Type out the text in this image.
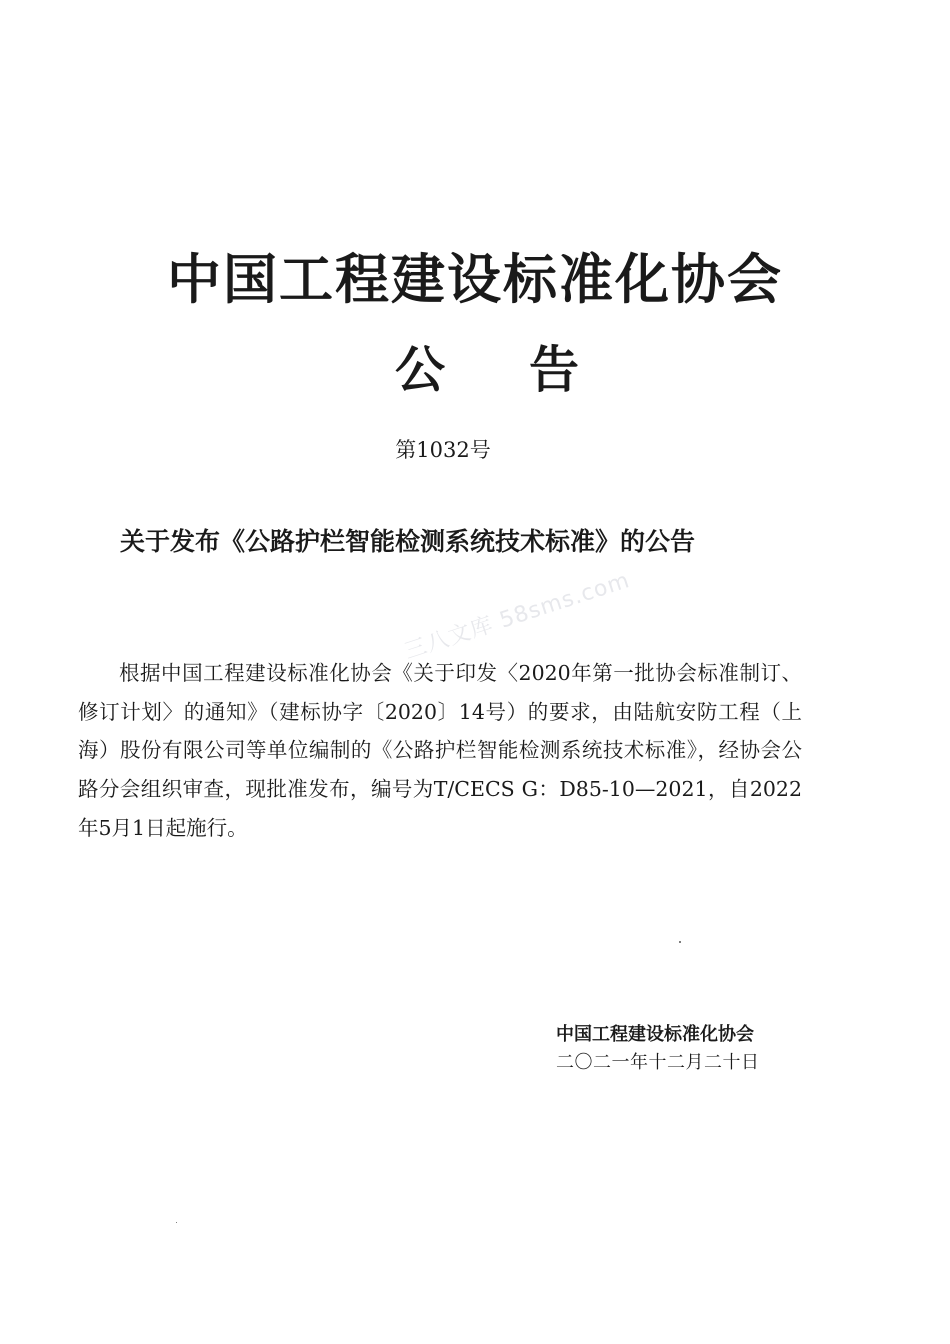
中国工程建设标准化协会
公告
第1032号
关于发布《公路护栏智能检测系统技术标准》的公告
三八文库 58sms.com

根据中国工程建设标准化协会《关于印发〈2020年第一批协会标准制订、修订计划〉的通知》（建标协字〔2020〕14号）的要求，由陆航安防工程（上海）股份有限公司等单位编制的《公路护栏智能检测系统技术标准》，经协会公路分会组织审查，现批准发布，编号为T/CECS G：D85-10—2021，自2022年5月1日起施行。

中国工程建设标准化协会
二〇二一年十二月二十日
